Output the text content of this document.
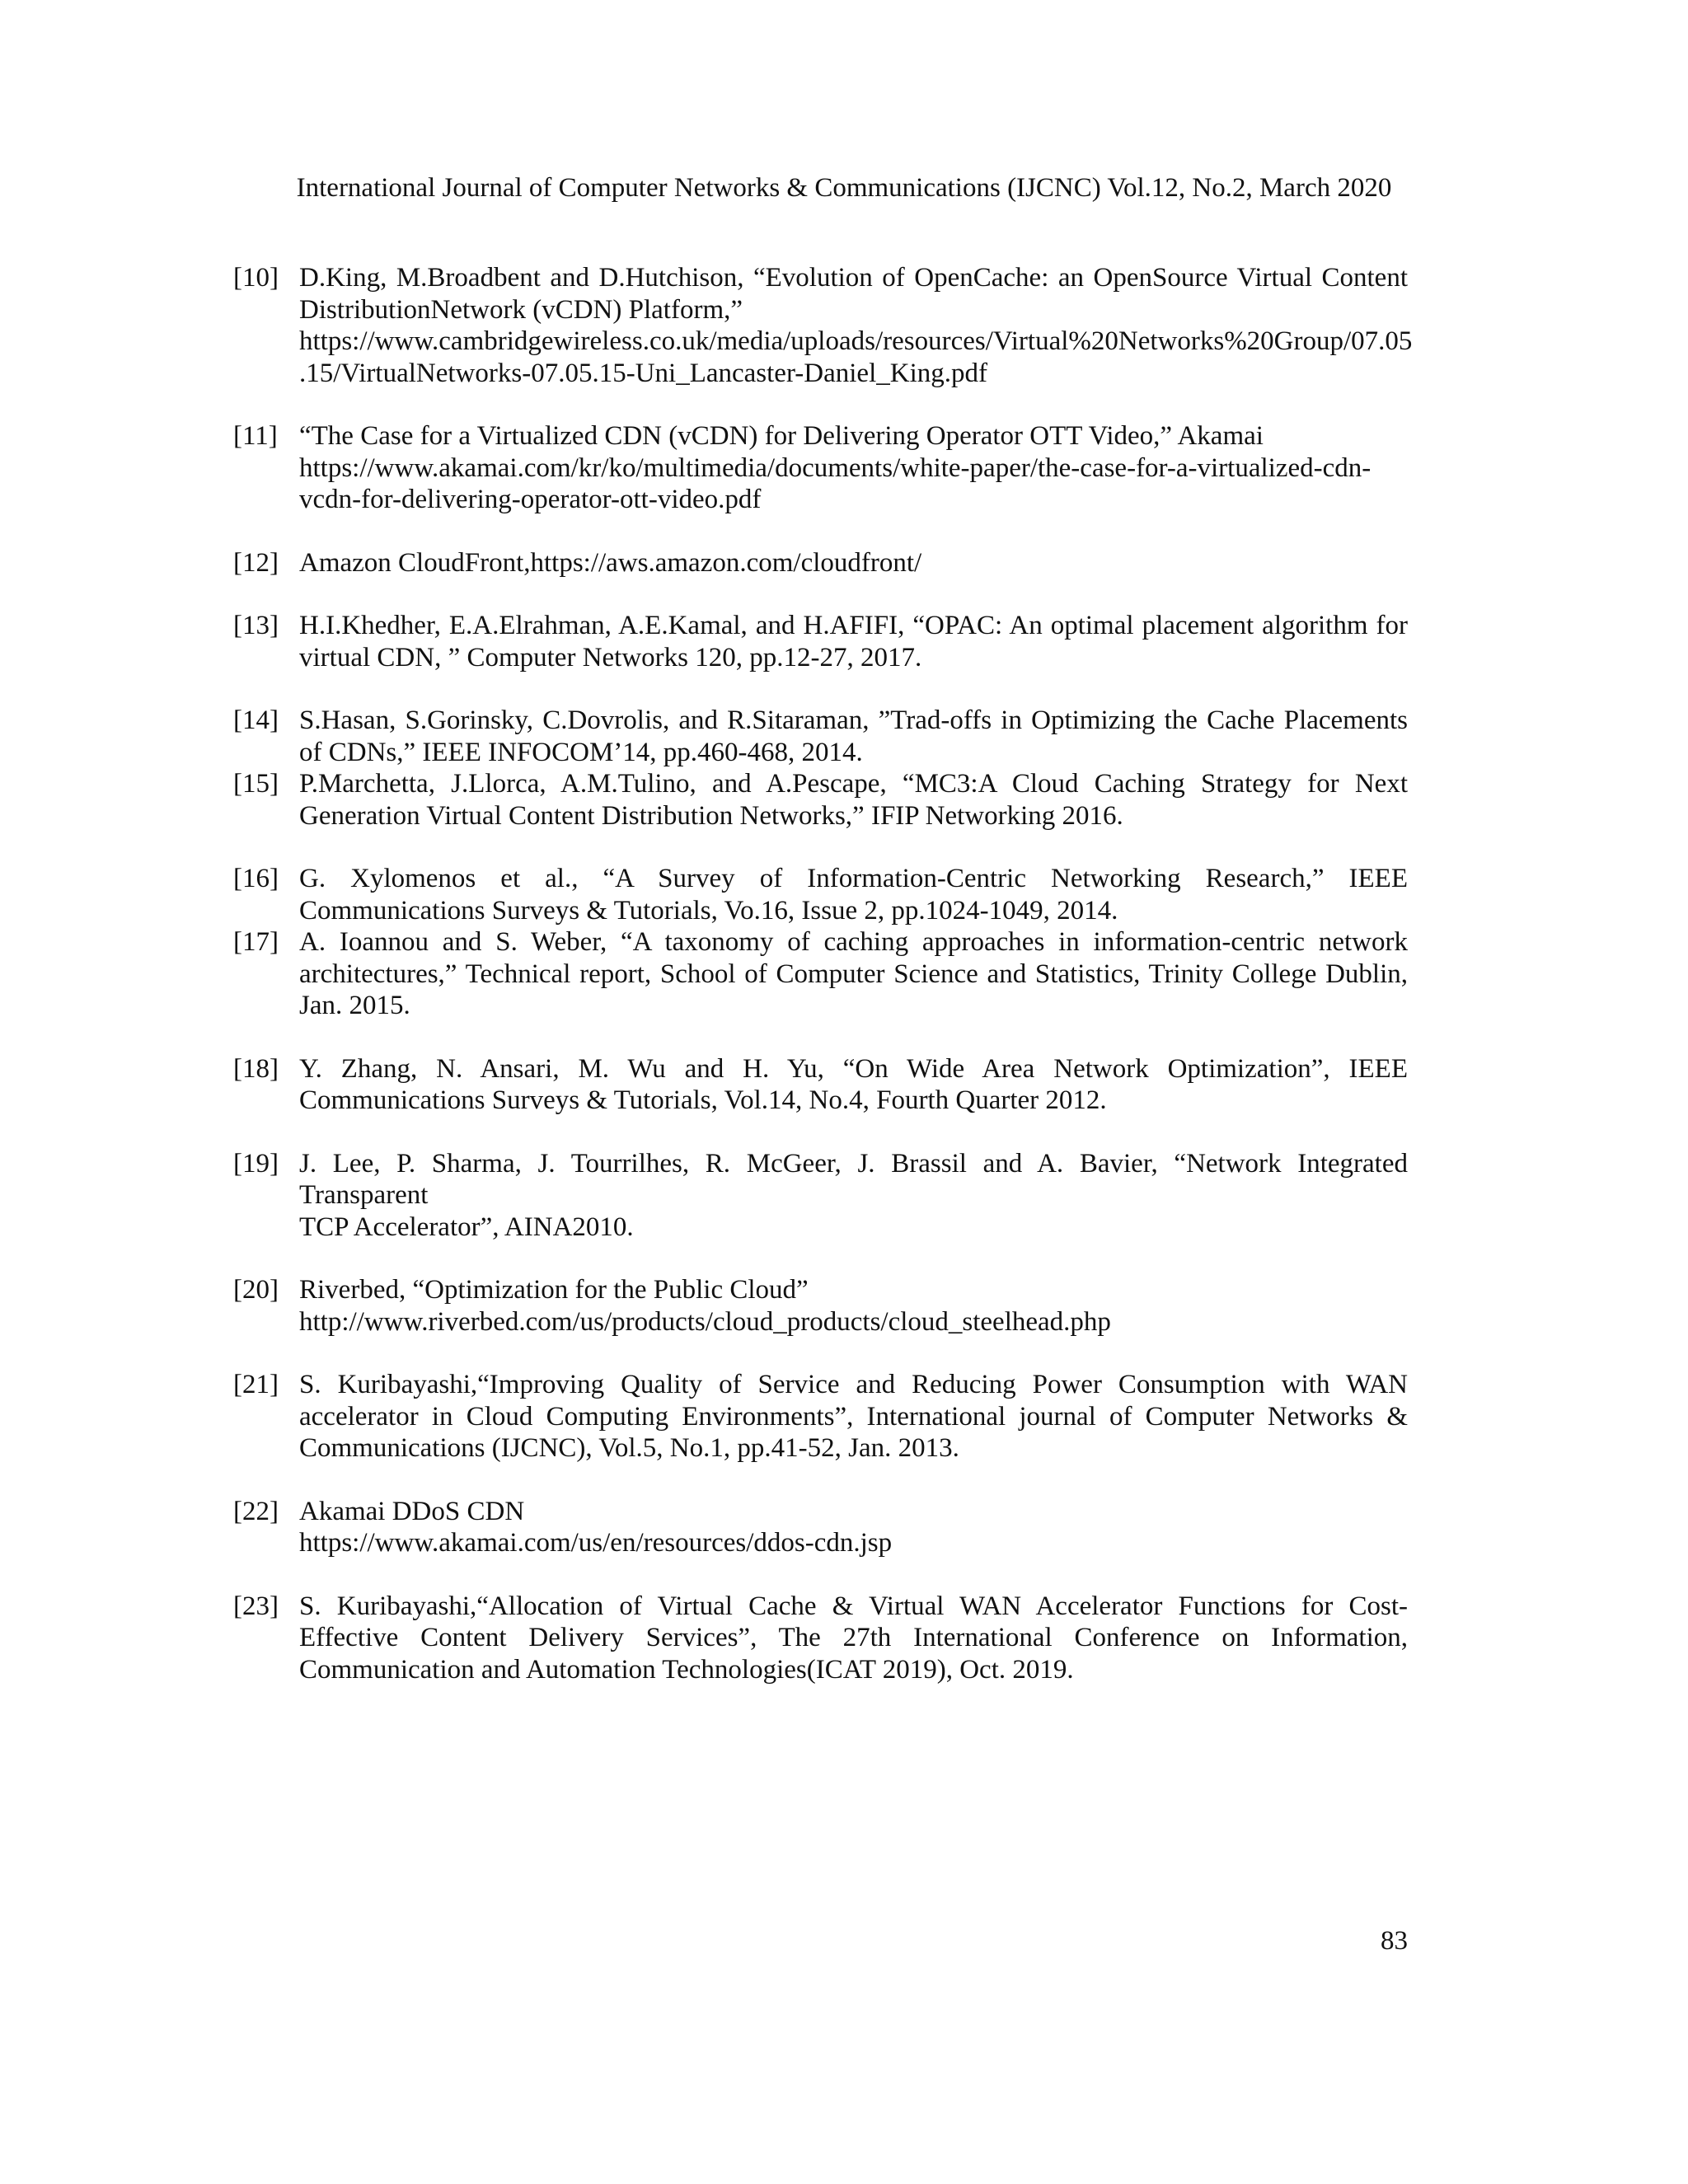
International Journal of Computer Networks & Communications (IJCNC) Vol.12, No.2, March 2020
[10] D.King, M.Broadbent and D.Hutchison, “Evolution of OpenCache: an OpenSource Virtual Content
DistributionNetwork (vCDN) Platform,”
https://www.cambridgewireless.co.uk/media/uploads/resources/Virtual%20Networks%20Group/07.05
.15/VirtualNetworks-07.05.15-Uni_Lancaster-Daniel_King.pdf
[11] “The Case for a Virtualized CDN (vCDN) for Delivering Operator OTT Video,” Akamai
https://www.akamai.com/kr/ko/multimedia/documents/white-paper/the-case-for-a-virtualized-cdn-
vcdn-for-delivering-operator-ott-video.pdf
[12] Amazon CloudFront,https://aws.amazon.com/cloudfront/
[13] H.I.Khedher, E.A.Elrahman, A.E.Kamal, and H.AFIFI, “OPAC: An optimal placement algorithm for
virtual CDN, ” Computer Networks 120, pp.12-27, 2017.
[14] S.Hasan, S.Gorinsky, C.Dovrolis, and R.Sitaraman, ”Trad-offs in Optimizing the Cache Placements
of CDNs,” IEEE INFOCOM’14, pp.460-468, 2014.
[15] P.Marchetta, J.Llorca, A.M.Tulino, and A.Pescape, “MC3:A Cloud Caching Strategy for Next
Generation Virtual Content Distribution Networks,” IFIP Networking 2016.
[16] G. Xylomenos et al., “A Survey of Information-Centric Networking Research,” IEEE
Communications Surveys & Tutorials, Vo.16, Issue 2, pp.1024-1049, 2014.
[17] A. Ioannou and S. Weber, “A taxonomy of caching approaches in information-centric network
architectures,” Technical report, School of Computer Science and Statistics, Trinity College Dublin,
Jan. 2015.
[18] Y. Zhang, N. Ansari, M. Wu and H. Yu, “On Wide Area Network Optimization”, IEEE
Communications Surveys & Tutorials, Vol.14, No.4, Fourth Quarter 2012.
[19] J. Lee, P. Sharma, J. Tourrilhes, R. McGeer, J. Brassil and A. Bavier, “Network Integrated Transparent
TCP Accelerator”, AINA2010.
[20] Riverbed, “Optimization for the Public Cloud”
http://www.riverbed.com/us/products/cloud_products/cloud_steelhead.php
[21] S. Kuribayashi,“Improving Quality of Service and Reducing Power Consumption with WAN
accelerator in Cloud Computing Environments”, International journal of Computer Networks &
Communications (IJCNC), Vol.5, No.1, pp.41-52, Jan. 2013.
[22] Akamai DDoS CDN
https://www.akamai.com/us/en/resources/ddos-cdn.jsp
[23] S. Kuribayashi,“Allocation of Virtual Cache & Virtual WAN Accelerator Functions for Cost-
Effective Content Delivery Services”, The 27th International Conference on Information,
Communication and Automation Technologies(ICAT 2019), Oct. 2019.
83
